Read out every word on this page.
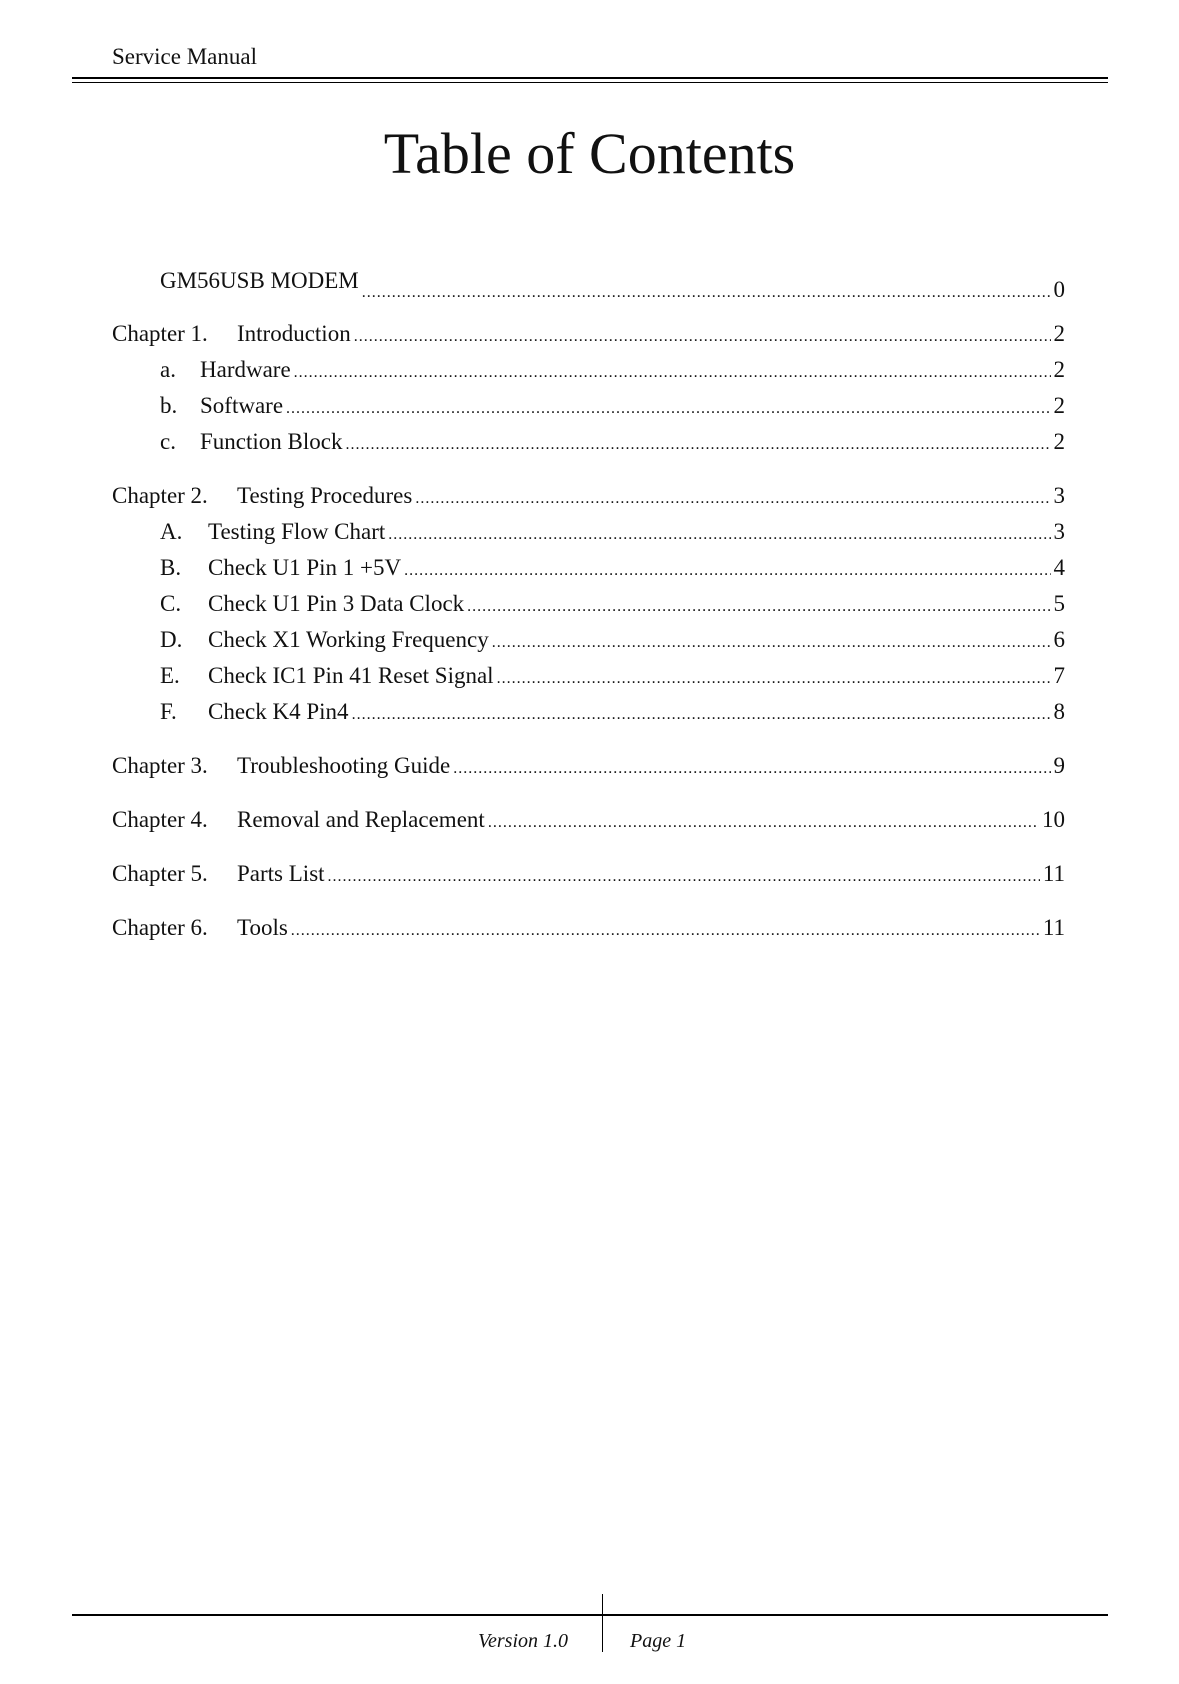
Service Manual
Table of Contents
GM56USB MODEM .....	0
Chapter 1.	Introduction .....	2
a.	Hardware .....	2
b. Software .....	2
c.	Function Block .....	2
Chapter 2.	Testing Procedures .....	3
A.	Testing Flow Chart .....	3
B.	Check U1 Pin 1 +5V .....	4
C.	Check U1 Pin 3 Data Clock .....	5
D.	Check X1 Working Frequency .....	6
E.	Check IC1 Pin 41 Reset Signal .....	7
F.	Check K4 Pin4 .....	8
Chapter 3.	Troubleshooting Guide .....	9
Chapter 4.	Removal and Replacement .....	10
Chapter 5.	Parts List .....	11
Chapter 6.	Tools .....	11
Version 1.0	Page 1
